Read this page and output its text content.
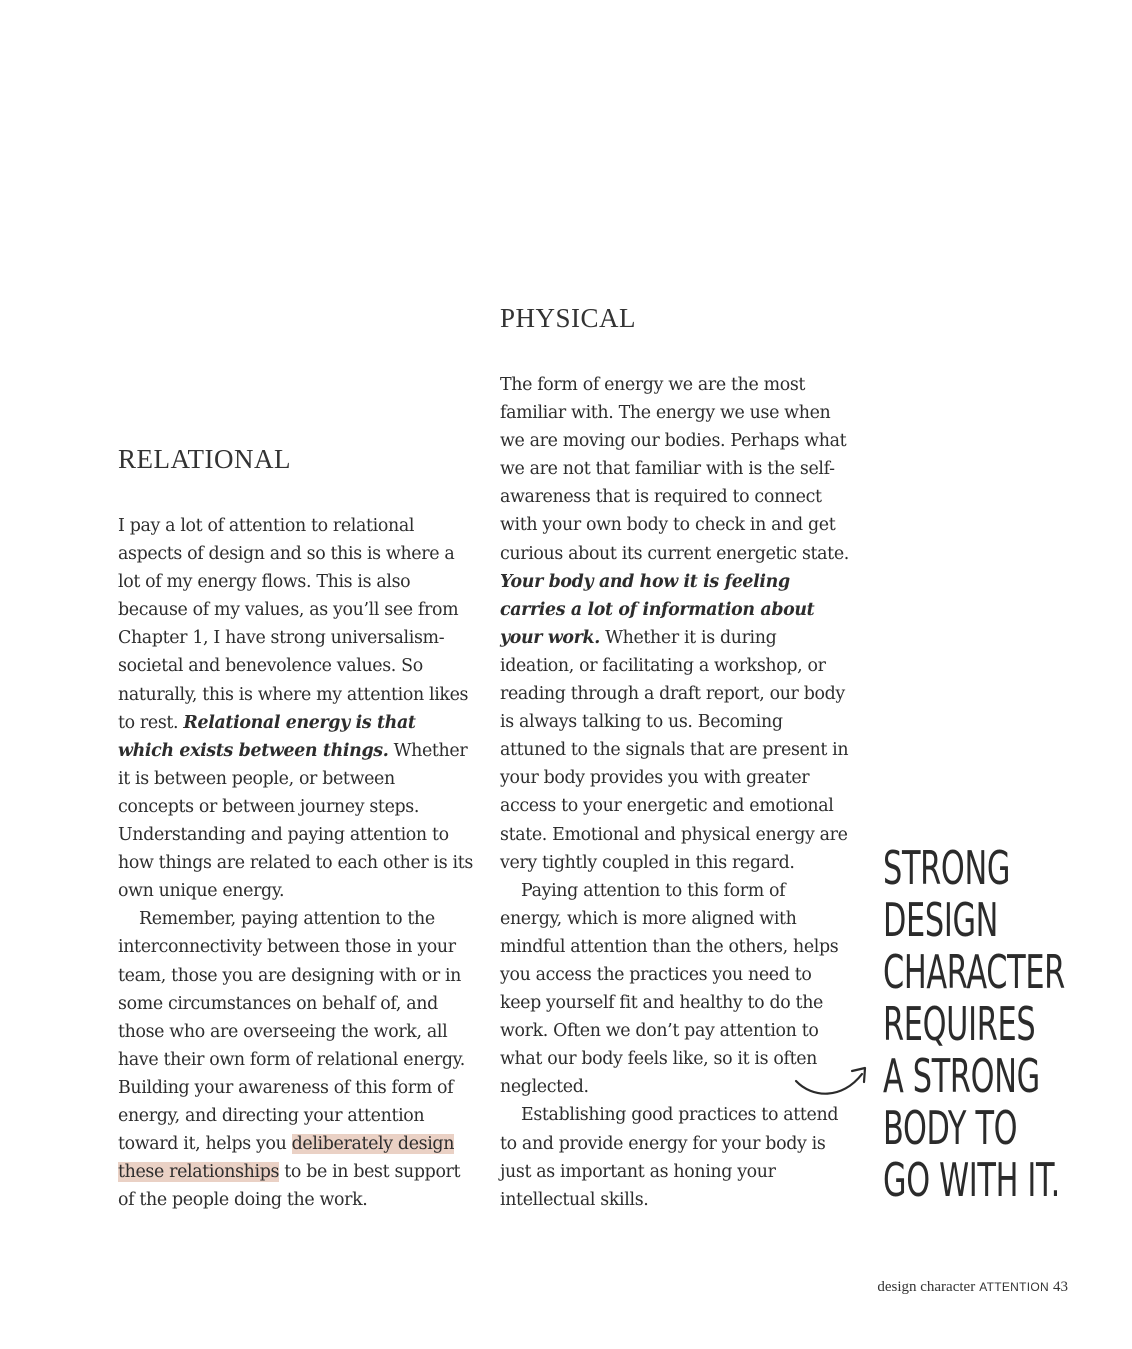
RELATIONAL
PHYSICAL

I pay a lot of attention to relational aspects of design and so this is where a lot of my energy flows. This is also because of my values, as you’ll see from Chapter 1, I have strong universalism-societal and benevolence values. So naturally, this is where my attention likes to rest. Relational energy is that which exists between things. Whether it is between people, or between concepts or between journey steps. Understanding and paying attention to how things are related to each other is its own unique energy.

Remember, paying attention to the interconnectivity between those in your team, those you are designing with or in some circumstances on behalf of, and those who are overseeing the work, all have their own form of relational energy. Building your awareness of this form of energy, and directing your attention toward it, helps you deliberately design these relationships to be in best support of the people doing the work.

The form of energy we are the most familiar with. The energy we use when we are moving our bodies. Perhaps what we are not that familiar with is the self-awareness that is required to connect with your own body to check in and get curious about its current energetic state. Your body and how it is feeling carries a lot of information about your work. Whether it is during ideation, or facilitating a workshop, or reading through a draft report, our body is always talking to us. Becoming attuned to the signals that are present in your body provides you with greater access to your energetic and emotional state. Emotional and physical energy are very tightly coupled in this regard.

Paying attention to this form of energy, which is more aligned with mindful attention than the others, helps you access the practices you need to keep yourself fit and healthy to do the work. Often we don’t pay attention to what our body feels like, so it is often neglected.

Establishing good practices to attend to and provide energy for your body is just as important as honing your intellectual skills.

STRONG
DESIGN
CHARACTER
REQUIRES
A STRONG
BODY TO
GO WITH IT.
design character ATTENTION 43
